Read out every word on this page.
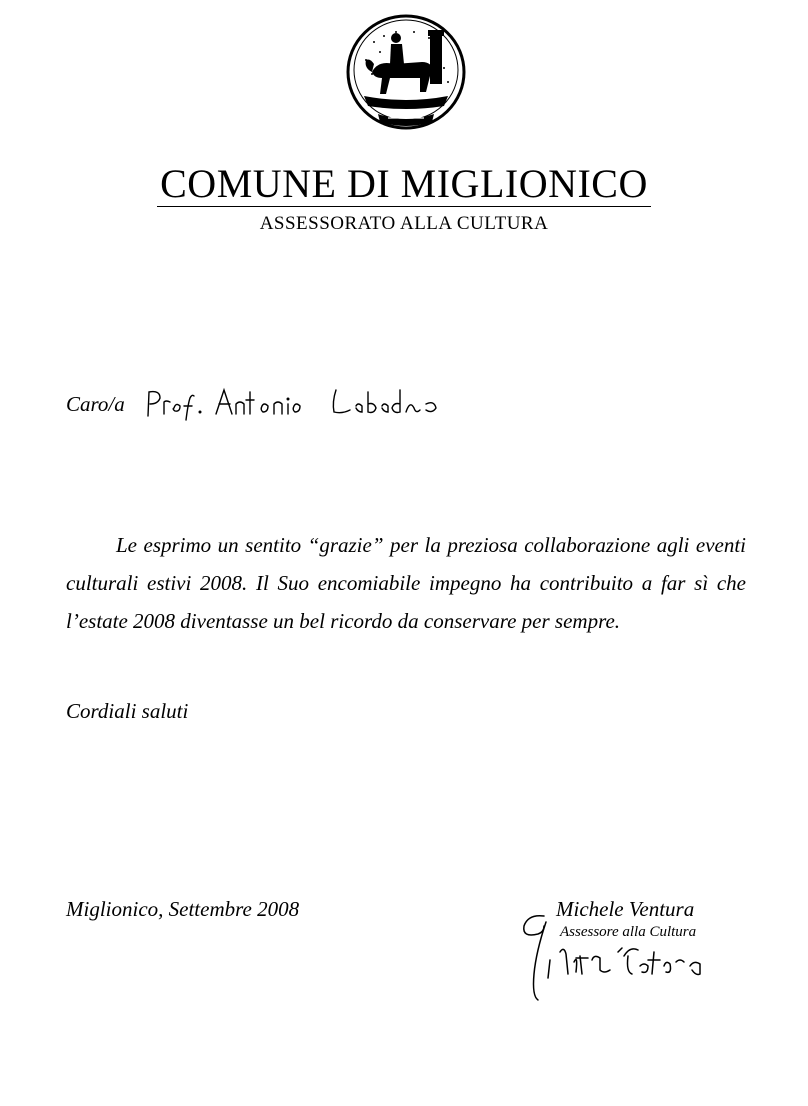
COMUNE DI MIGLIONICO
ASSESSORATO ALLA CULTURA
Caro/a
Le esprimo un sentito “grazie” per la preziosa collaborazione agli eventi culturali estivi 2008. Il Suo encomiabile impegno ha contribuito a far sì che l’estate 2008 diventasse un bel ricordo da conservare per sempre.
Cordiali saluti
Miglionico, Settembre 2008	Michele Ventura
Assessore alla Cultura
